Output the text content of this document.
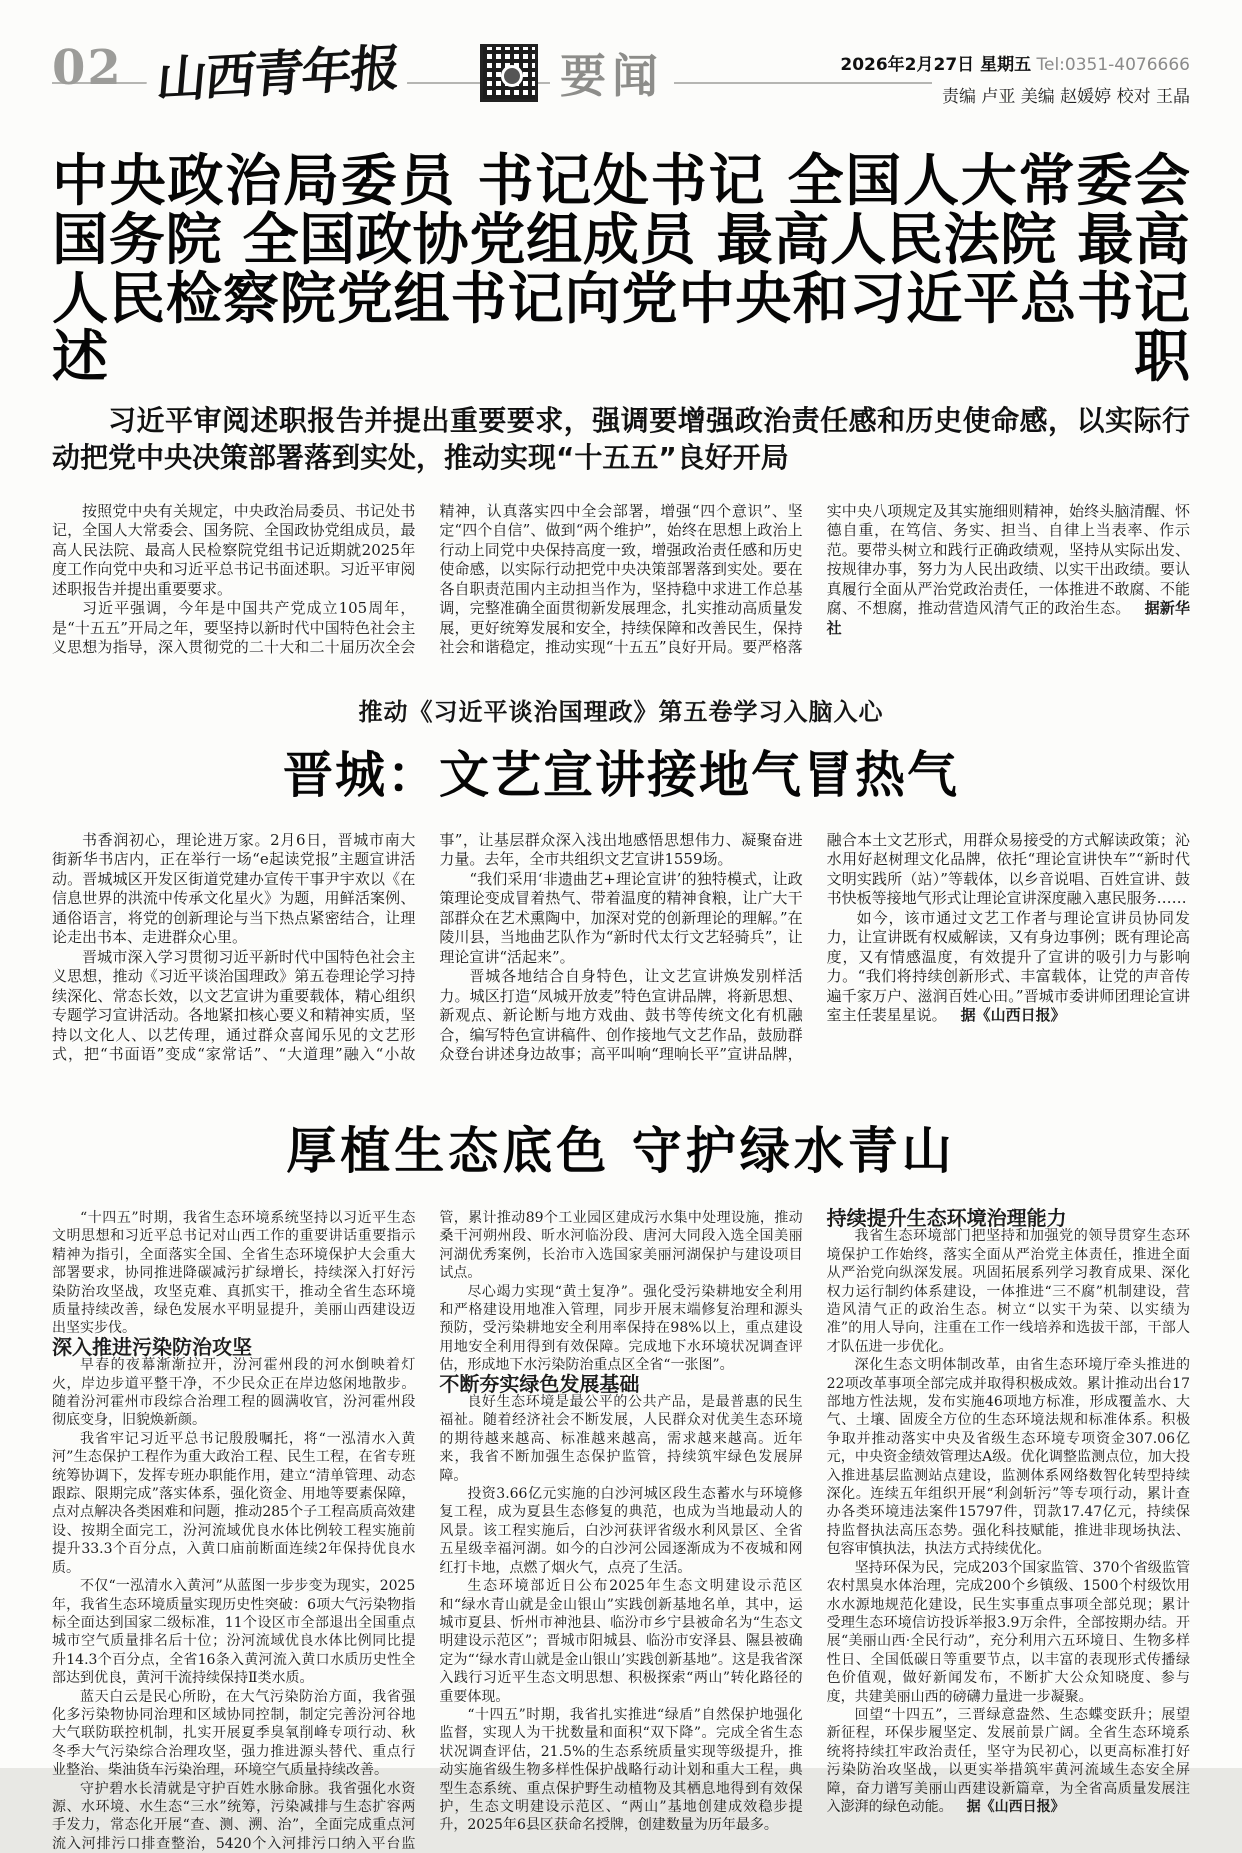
02 山西青年报	要闻	2026年2月27日 星期五 Tel:0351-4076666
责编 卢亚 美编 赵媛婷 校对 王晶
中央政治局委员 书记处书记 全国人大常委会
国务院 全国政协党组成员 最高人民法院 最高
人民检察院党组书记向党中央和习近平总书记述职
习近平审阅述职报告并提出重要要求，强调要增强政治责任感和历史使命感，以实际行动把党中央决策部署落到实处，推动实现“十五五”良好开局

按照党中央有关规定，中央政治局委员、书记处书记，全国人大常委会、国务院、全国政协党组成员，最高人民法院、最高人民检察院党组书记近期就2025年度工作向党中央和习近平总书记书面述职。习近平审阅述职报告并提出重要要求。

习近平强调，今年是中国共产党成立105周年，是“十五五”开局之年，要坚持以新时代中国特色社会主义思想为指导，深入贯彻党的二十大和二十届历次全会精神，认真落实四中全会部署，增强“四个意识”、坚定“四个自信”、做到“两个维护”，始终在思想上政治上行动上同党中央保持高度一致，增强政治责任感和历史使命感，以实际行动把党中央决策部署落到实处。要在各自职责范围内主动担当作为，坚持稳中求进工作总基调，完整准确全面贯彻新发展理念，扎实推动高质量发展，更好统筹发展和安全，持续保障和改善民生，保持社会和谐稳定，推动实现“十五五”良好开局。要严格落实中央八项规定及其实施细则精神，始终头脑清醒、怀德自重，在笃信、务实、担当、自律上当表率、作示范。要带头树立和践行正确政绩观，坚持从实际出发、按规律办事，努力为人民出政绩、以实干出政绩。要认真履行全面从严治党政治责任，一体推进不敢腐、不能腐、不想腐，推动营造风清气正的政治生态。 据新华社

推动《习近平谈治国理政》第五卷学习入脑入心
晋城：文艺宣讲接地气冒热气

书香润初心，理论进万家。2月6日，晋城市南大街新华书店内，正在举行一场“e起读党报”主题宣讲活动。晋城城区开发区街道党建办宣传干事尹宇欢以《在信息世界的洪流中传承文化星火》为题，用鲜活案例、通俗语言，将党的创新理论与当下热点紧密结合，让理论走出书本、走进群众心里。

晋城市深入学习贯彻习近平新时代中国特色社会主义思想，推动《习近平谈治国理政》第五卷理论学习持续深化、常态长效，以文艺宣讲为重要载体，精心组织专题学习宣讲活动。各地紧扣核心要义和精神实质，坚持以文化人、以艺传理，通过群众喜闻乐见的文艺形式，把“书面语”变成“家常话”、“大道理”融入“小故事”，让基层群众深入浅出地感悟思想伟力、凝聚奋进力量。去年，全市共组织文艺宣讲1559场。

“我们采用‘非遗曲艺+理论宣讲’的独特模式，让政策理论变成冒着热气、带着温度的精神食粮，让广大干部群众在艺术熏陶中，加深对党的创新理论的理解。”在陵川县，当地曲艺队作为“新时代太行文艺轻骑兵”，让理论宣讲“活起来”。

晋城各地结合自身特色，让文艺宣讲焕发别样活力。城区打造“凤城开放麦”特色宣讲品牌，将新思想、新观点、新论断与地方戏曲、鼓书等传统文化有机融合，编写特色宣讲稿件、创作接地气文艺作品，鼓励群众登台讲述身边故事；高平叫响“理响长平”宣讲品牌，融合本土文艺形式，用群众易接受的方式解读政策；沁水用好赵树理文化品牌，依托“理论宣讲快车”“新时代文明实践所（站）”等载体，以乡音说唱、百姓宣讲、鼓书快板等接地气形式让理论宣讲深度融入惠民服务……

如今，该市通过文艺工作者与理论宣讲员协同发力，让宣讲既有权威解读，又有身边事例；既有理论高度，又有情感温度，有效提升了宣讲的吸引力与影响力。“我们将持续创新形式、丰富载体，让党的声音传遍千家万户、滋润百姓心田。”晋城市委讲师团理论宣讲室主任裴星星说。 据《山西日报》

厚植生态底色 守护绿水青山

“十四五”时期，我省生态环境系统坚持以习近平生态文明思想和习近平总书记对山西工作的重要讲话重要指示精神为指引，全面落实全国、全省生态环境保护大会重大部署要求，协同推进降碳减污扩绿增长，持续深入打好污染防治攻坚战，攻坚克难、真抓实干，推动全省生态环境质量持续改善，绿色发展水平明显提升，美丽山西建设迈出坚实步伐。

深入推进污染防治攻坚

早春的夜幕渐渐拉开，汾河霍州段的河水倒映着灯火，岸边步道平整干净，不少民众正在岸边悠闲地散步。随着汾河霍州市段综合治理工程的圆满收官，汾河霍州段彻底变身，旧貌焕新颜。

我省牢记习近平总书记殷殷嘱托，将“一泓清水入黄河”生态保护工程作为重大政治工程、民生工程，在省专班统筹协调下，发挥专班办职能作用，建立“清单管理、动态跟踪、限期完成”落实体系，强化资金、用地等要素保障，点对点解决各类困难和问题，推动285个子工程高质高效建设、按期全面完工，汾河流域优良水体比例较工程实施前提升33.3个百分点，入黄口庙前断面连续2年保持优良水质。

不仅“一泓清水入黄河”从蓝图一步步变为现实，2025年，我省生态环境质量实现历史性突破：6项大气污染物指标全面达到国家二级标准，11个设区市全部退出全国重点城市空气质量排名后十位；汾河流域优良水体比例同比提升14.3个百分点，全省16条入黄河流入黄口水质历史性全部达到优良，黄河干流持续保持Ⅱ类水质。

蓝天白云是民心所盼，在大气污染防治方面，我省强化多污染物协同治理和区域协同控制，制定完善汾河谷地大气联防联控机制，扎实开展夏季臭氧削峰专项行动、秋冬季大气污染综合治理攻坚，强力推进源头替代、重点行业整治、柴油货车污染治理，环境空气质量持续改善。

守护碧水长清就是守护百姓水脉命脉。我省强化水资源、水环境、水生态“三水”统筹，污染减排与生态扩容两手发力，常态化开展“查、测、溯、治”，全面完成重点河流入河排污口排查整治，5420个入河排污口纳入平台监管，累计推动89个工业园区建成污水集中处理设施，推动桑干河朔州段、昕水河临汾段、唐河大同段入选全国美丽河湖优秀案例，长治市入选国家美丽河湖保护与建设项目试点。

尽心竭力实现“黄土复净”。强化受污染耕地安全利用和严格建设用地准入管理，同步开展末端修复治理和源头预防，受污染耕地安全利用率保持在98%以上，重点建设用地安全利用得到有效保障。完成地下水环境状况调查评估，形成地下水污染防治重点区全省“一张图”。

不断夯实绿色发展基础

良好生态环境是最公平的公共产品，是最普惠的民生福祉。随着经济社会不断发展，人民群众对优美生态环境的期待越来越高、标准越来越高，需求越来越高。近年来，我省不断加强生态保护监管，持续筑牢绿色发展屏障。

投资3.66亿元实施的白沙河城区段生态蓄水与环境修复工程，成为夏县生态修复的典范，也成为当地最动人的风景。该工程实施后，白沙河获评省级水利风景区、全省五星级幸福河湖。如今的白沙河公园逐渐成为不夜城和网红打卡地，点燃了烟火气，点亮了生活。

生态环境部近日公布2025年生态文明建设示范区和“绿水青山就是金山银山”实践创新基地名单，其中，运城市夏县、忻州市神池县、临汾市乡宁县被命名为“生态文明建设示范区”；晋城市阳城县、临汾市安泽县、隰县被确定为“‘绿水青山就是金山银山’实践创新基地”。这是我省深入践行习近平生态文明思想、积极探索“两山”转化路径的重要体现。

“十四五”时期，我省扎实推进“绿盾”自然保护地强化监督，实现人为干扰数量和面积“双下降”。完成全省生态状况调查评估，21.5%的生态系统质量实现等级提升，推动实施省级生物多样性保护战略行动计划和重大工程，典型生态系统、重点保护野生动植物及其栖息地得到有效保护，生态文明建设示范区、“两山”基地创建成效稳步提升，2025年6县区获命名授牌，创建数量为历年最多。

持续提升生态环境治理能力

我省生态环境部门把坚持和加强党的领导贯穿生态环境保护工作始终，落实全面从严治党主体责任，推进全面从严治党向纵深发展。巩固拓展系列学习教育成果、深化权力运行制约体系建设，一体推进“三不腐”机制建设，营造风清气正的政治生态。树立“以实干为荣、以实绩为准”的用人导向，注重在工作一线培养和选拔干部，干部人才队伍进一步优化。

深化生态文明体制改革，由省生态环境厅牵头推进的22项改革事项全部完成并取得积极成效。累计推动出台17部地方性法规，发布实施46项地方标准，形成覆盖水、大气、土壤、固废全方位的生态环境法规和标准体系。积极争取并推动落实中央及省级生态环境专项资金307.06亿元，中央资金绩效管理达A级。优化调整监测点位，加大投入推进基层监测站点建设，监测体系网络数智化转型持续深化。连续五年组织开展“利剑斩污”等专项行动，累计查办各类环境违法案件15797件，罚款17.47亿元，持续保持监督执法高压态势。强化科技赋能，推进非现场执法、包容审慎执法，执法方式持续优化。

坚持环保为民，完成203个国家监管、370个省级监管农村黑臭水体治理，完成200个乡镇级、1500个村级饮用水水源地规范化建设，民生实事重点事项全部兑现；累计受理生态环境信访投诉举报3.9万余件，全部按期办结。开展“美丽山西·全民行动”，充分利用六五环境日、生物多样性日、全国低碳日等重要节点，以丰富的表现形式传播绿色价值观，做好新闻发布，不断扩大公众知晓度、参与度，共建美丽山西的磅礴力量进一步凝聚。

回望“十四五”，三晋绿意盎然、生态蝶变跃升；展望新征程，环保步履坚定、发展前景广阔。全省生态环境系统将持续扛牢政治责任，坚守为民初心，以更高标准打好污染防治攻坚战，以更实举措筑牢黄河流域生态安全屏障，奋力谱写美丽山西建设新篇章，为全省高质量发展注入澎湃的绿色动能。 据《山西日报》
